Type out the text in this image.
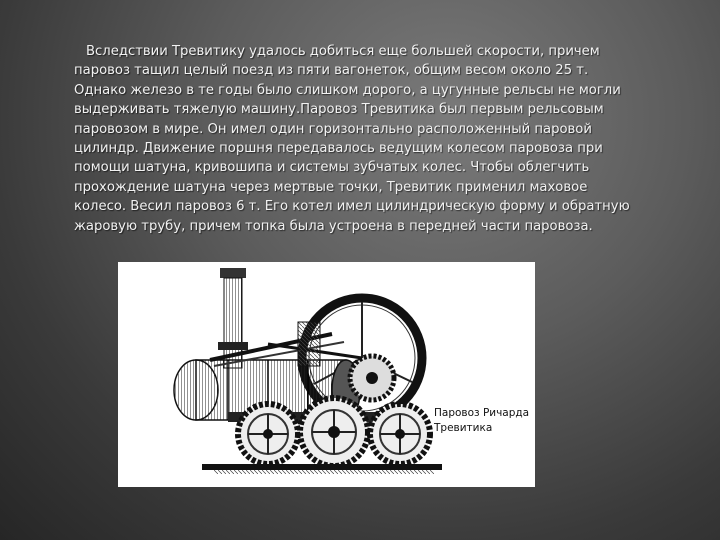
Вследствии Тревитику удалось добиться еще большей скорости, причем паровоз тащил целый поезд из пяти вагонеток, общим весом около 25 т. Однако железо в те годы было слишком дорого, а цугунные рельсы не могли выдерживать тяжелую машину.Паровоз Тревитика был первым рельсовым паровозом в мире. Он имел один горизонтально расположенный паровой цилиндр. Движение поршня передавалось ведущим колесом паровоза при помощи шатуна, кривошипа и системы зубчатых колес. Чтобы облегчить прохождение шатуна через мертвые точки, Тревитик применил маховое колесо. Весил паровоз 6 т. Его котел имел цилиндрическую форму и обратную жаровую трубу, причем топка была устроена в передней части паровоза.

Паровоз Ричарда Тревитика
